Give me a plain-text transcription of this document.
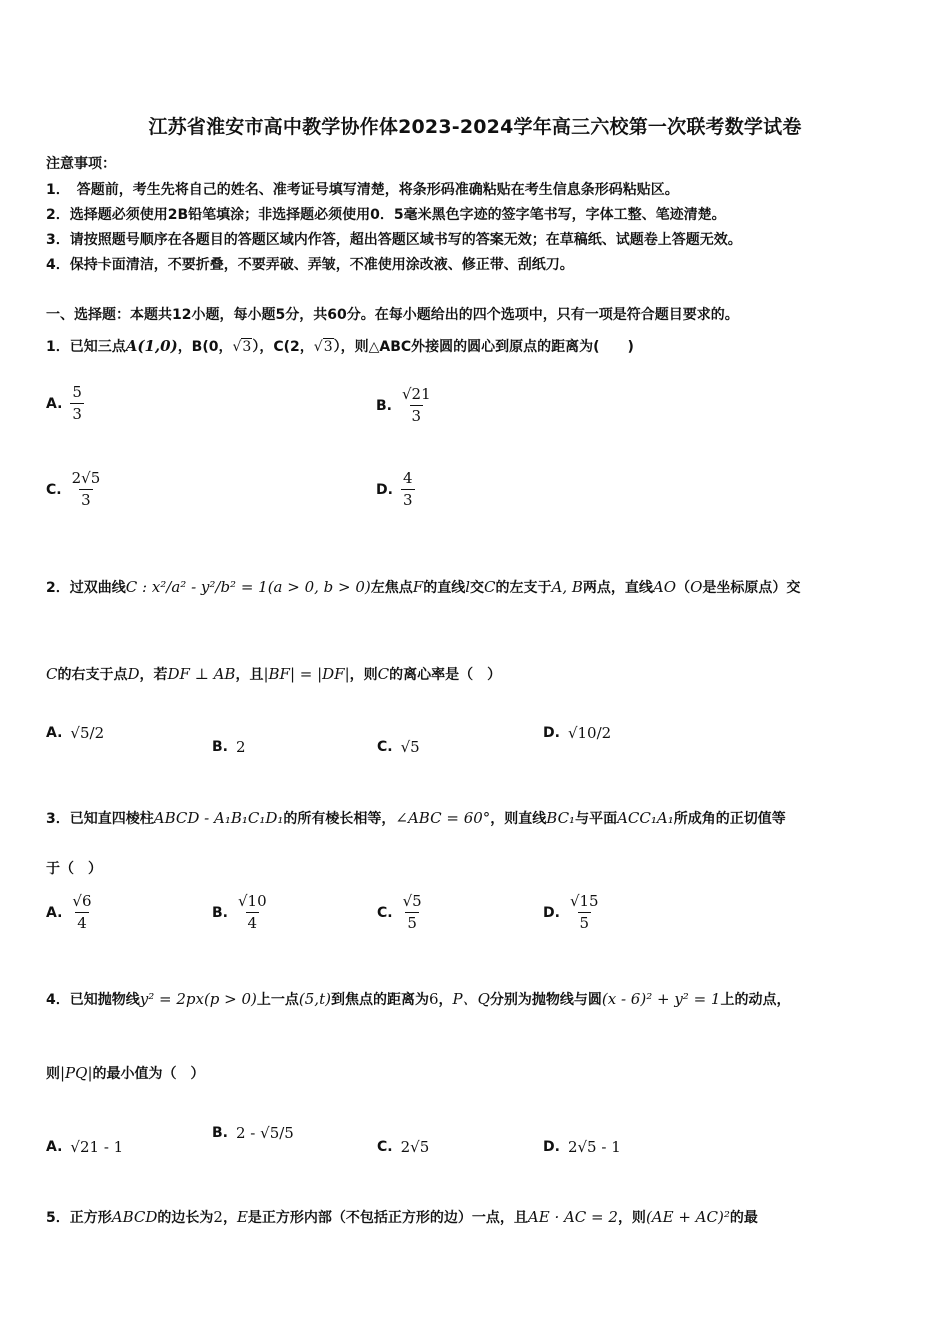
江苏省淮安市高中教学协作体2023-2024学年高三六校第一次联考数学试卷
注意事项：
1．　答题前，考生先将自己的姓名、准考证号填写清楚，将条形码准确粘贴在考生信息条形码粘贴区。
2．选择题必须使用2B铅笔填涂；非选择题必须使用0．5毫米黑色字迹的签字笔书写，字体工整、笔迹清楚。
3．请按照题号顺序在各题目的答题区域内作答，超出答题区域书写的答案无效；在草稿纸、试题卷上答题无效。
4．保持卡面清洁，不要折叠，不要弄破、弄皱，不准使用涂改液、修正带、刮纸刀。
一、选择题：本题共12小题，每小题5分，共60分。在每小题给出的四个选项中，只有一项是符合题目要求的。
1．已知三点A(1,0)，B(0，√3），C(2，√3），则△ABC外接圆的圆心到原点的距离为(　　)
A. $\frac{5}{3}$	B. $\frac{√21}{3}$
C. $\frac{2√5}{3}$	D. $\frac{4}{3}$
2．过双曲线C : x²/a² - y²/b² = 1(a > 0, b > 0)左焦点F的直线l交C的左支于A, B两点，直线AO（O是坐标原点）交
C的右支于点D，若DF ⊥ AB，且|BF| = |DF|，则C的离心率是（　）
A. √5/2
B. 2	C. √5
D. √10/2
3．已知直四棱柱ABCD - A₁B₁C₁D₁的所有棱长相等，∠ABC = 60°，则直线BC₁与平面ACC₁A₁所成角的正切值等
于（　）
A. $\frac{√6}{4}$	B. $\frac{√10}{4}$	C. $\frac{√5}{5}$	D. $\frac{√15}{5}$
4．已知抛物线y² = 2px(p > 0)上一点(5,t)到焦点的距离为6，P、Q分别为抛物线与圆(x - 6)² + y² = 1上的动点，
则|PQ|的最小值为（　）
A. √21 - 1
B. 2 - √5/5
C. 2√5	D. 2√5 - 1
5．正方形ABCD的边长为2，E是正方形内部（不包括正方形的边）一点，且AE · AC = 2，则(AE + AC)²的最
